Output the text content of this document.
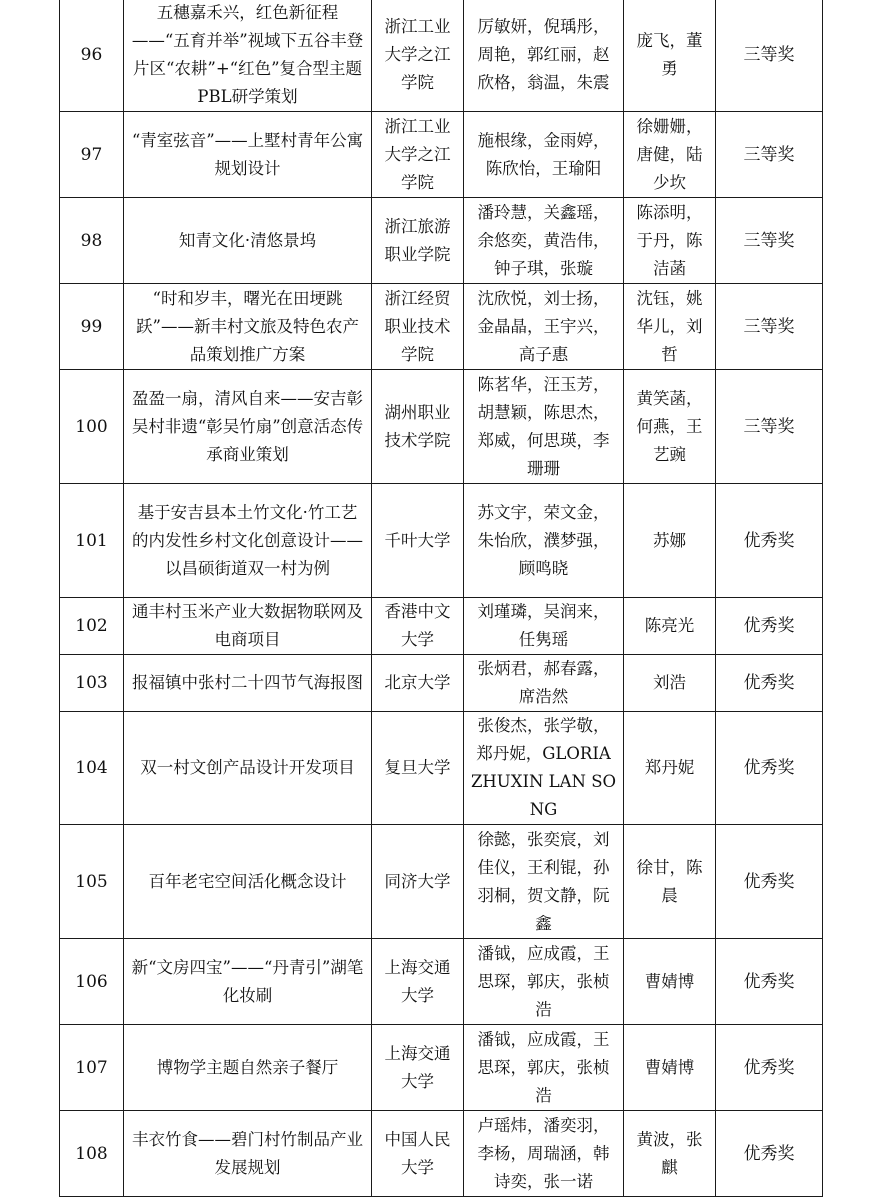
96	五穗嘉禾兴，红色新征程 ——“五育并举”视域下五谷丰登片区“农耕”+“红色”复合型主题PBL研学策划	浙江工业大学之江学院	厉敏妍，倪瑀彤，周艳，郭红丽，赵欣格，翁温，朱震	庞飞，董勇	三等奖
97	“青室弦音”——上墅村青年公寓规划设计	浙江工业大学之江学院	施根缘，金雨婷，陈欣怡，王瑜阳	徐姗姗，唐健，陆少坎	三等奖
98	知青文化·清悠景坞	浙江旅游职业学院	潘玲慧，关鑫瑶，余悠奕，黄浩伟，钟子琪，张璇	陈添明，于丹，陈洁菡	三等奖
99	“时和岁丰，曙光在田埂跳跃”——新丰村文旅及特色农产品策划推广方案	浙江经贸职业技术学院	沈欣悦，刘士扬，金晶晶，王宇兴，高子惠	沈钰，姚华儿，刘哲	三等奖
100	盈盈一扇，清风自来——安吉彰吴村非遗“彰吴竹扇”创意活态传承商业策划	湖州职业技术学院	陈茗华，汪玉芳，胡慧颖，陈思杰，郑威，何思瑛，李珊珊	黄笑菡，何燕，王艺豌	三等奖
101	基于安吉县本土竹文化·竹工艺的内发性乡村文化创意设计——以昌硕街道双一村为例	千叶大学	苏文宇，荣文金，朱怡欣，濮梦强，顾鸣晓	苏娜	优秀奖
102	通丰村玉米产业大数据物联网及电商项目	香港中文大学	刘瑾璘，吴润来，任隽瑶	陈亮光	优秀奖
103	报福镇中张村二十四节气海报图	北京大学	张炳君，郝春露，席浩然	刘浩	优秀奖
104	双一村文创产品设计开发项目	复旦大学	张俊杰，张学敬，郑丹妮，GLORIA ZHUXIN LAN SONG	郑丹妮	优秀奖
105	百年老宅空间活化概念设计	同济大学	徐懿，张奕宸，刘佳仪，王利锟，孙羽桐，贺文静，阮鑫	徐甘，陈晨	优秀奖
106	新“文房四宝”——“丹青引”湖笔化妆刷	上海交通大学	潘钺，应成霞，王思琛，郭庆，张桢浩	曹婧博	优秀奖
107	博物学主题自然亲子餐厅	上海交通大学	潘钺，应成霞，王思琛，郭庆，张桢浩	曹婧博	优秀奖
108	丰衣竹食——碧门村竹制品产业发展规划	中国人民大学	卢瑶炜，潘奕羽，李杨，周瑞涵，韩诗奕，张一诺	黄波，张麒	优秀奖
